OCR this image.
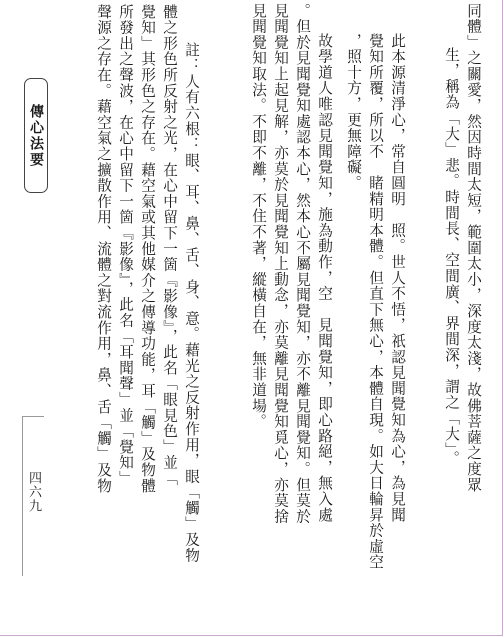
傳心法要	同體」之關愛，然因時間太短，範圍太小，深度太淺，故佛菩薩之度眾
生，稱為「大」悲。時間長、空間廣、界間深，謂之「大」。
此本源清淨心，常自圓明　照。世人不悟，祇認見聞覺知為心，為見聞
覺知所覆，所以不　睹精明本體。但直下無心，本體自現。如大日輪昇於虛空
，照十方，更無障礙。
故學道人唯認見聞覺知，施為動作，空　見聞覺知，即心路絕，無入處
。但於見聞覺知處認本心，然本心不屬見聞覺知，亦不離見聞覺知。但莫於
見聞覺知上起見解，亦莫於見聞覺知上動念，亦莫離見聞覺知覓心，亦莫捨
見聞覺知取法。不即不離，不住不著，縱橫自在，無非道場。
註：人有六根：眼、耳、鼻、舌、身、意。藉光之反射作用，眼「觸」及物
體之形色所反射之光，在心中留下一箇『影像』，此名「眼見色」並「
覺知」其形色之存在。藉空氣或其他媒介之傳導功能，耳「觸」及物體
所發出之聲波，在心中留下一箇『影像』，此名「耳聞聲」並「覺知」
聲源之存在。藉空氣之擴散作用、流體之對流作用，鼻、舌「觸」及物
四六九
